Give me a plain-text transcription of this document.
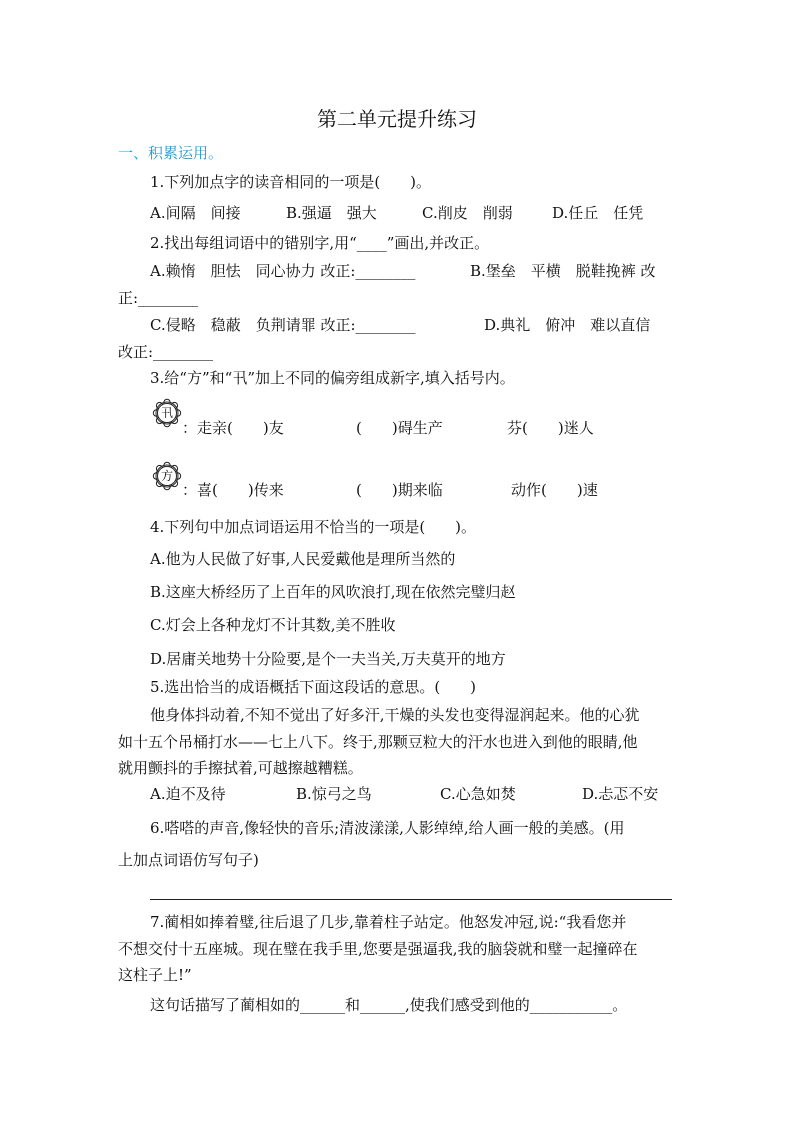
第二单元提升练习
一、积累运用。
1.下列加点字的读音相同的一项是(　　)。
A.间隔　间接	B.强逼　强大	C.削皮　削弱	D.任丘　任凭
2.找出每组词语中的错别字,用“____”画出,并改正。
A.赖惰　胆怯　同心协力 改正:________	B.堡垒　平横　脱鞋挽裤 改
正:________
C.侵略　稳蔽　负荆请罪 改正:________	D.典礼　俯冲　难以直信
改正:________
3.给“方”和“卂”加上不同的偏旁组成新字,填入括号内。
卂
：走亲(　　)友	(　　)碍生产	芬(　　)迷人
方
：喜(　　)传来	(　　)期来临	动作(　　)速
4.下列句中加点词语运用不恰当的一项是(　　)。
A.他为人民做了好事,人民爱戴他是理所当然的
B.这座大桥经历了上百年的风吹浪打,现在依然完璧归赵
C.灯会上各种龙灯不计其数,美不胜收
D.居庸关地势十分险要,是个一夫当关,万夫莫开的地方
5.选出恰当的成语概括下面这段话的意思。(　　)
他身体抖动着,不知不觉出了好多汗,干燥的头发也变得湿润起来。他的心犹
如十五个吊桶打水——七上八下。终于,那颗豆粒大的汗水也进入到他的眼睛,他
就用颤抖的手擦拭着,可越擦越糟糕。
A.迫不及待	B.惊弓之鸟	C.心急如焚	D.忐忑不安
6.嗒嗒的声音,像轻快的音乐;清波漾漾,人影绰绰,给人画一般的美感。(用
上加点词语仿写句子)
7.蔺相如捧着璧,往后退了几步,靠着柱子站定。他怒发冲冠,说:“我看您并
不想交付十五座城。现在璧在我手里,您要是强逼我,我的脑袋就和璧一起撞碎在
这柱子上!”
这句话描写了蔺相如的______和______,使我们感受到他的___________。
